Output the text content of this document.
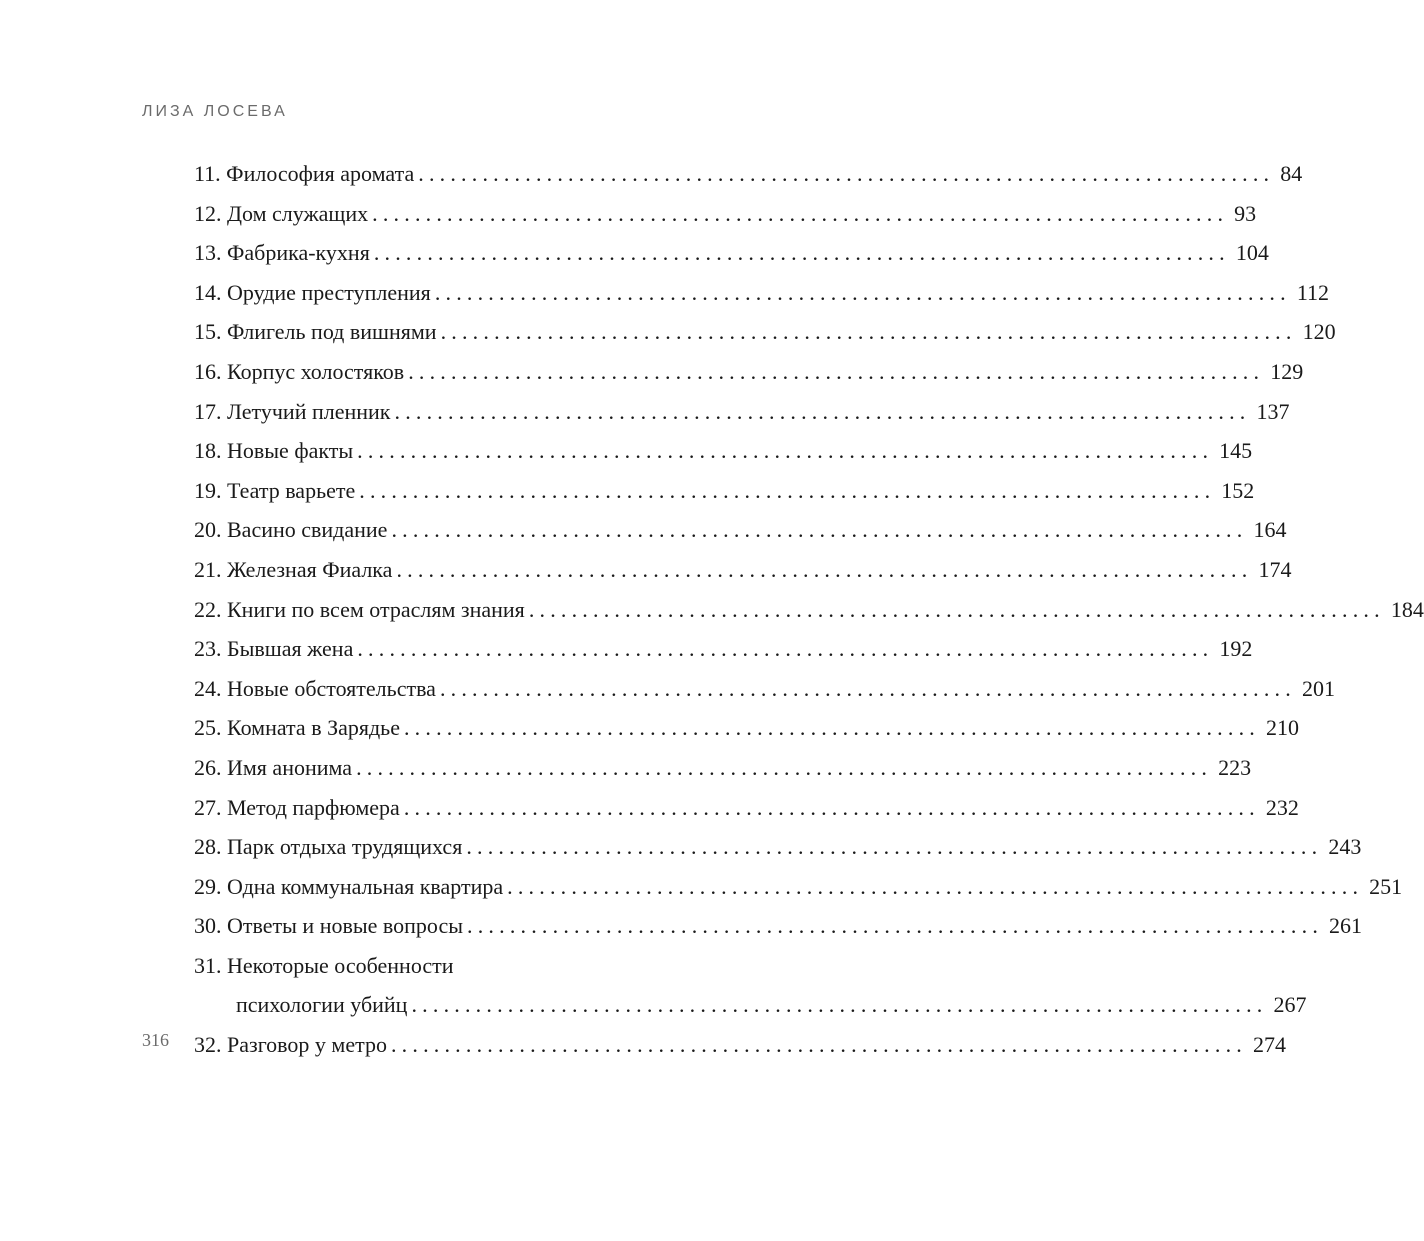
ЛИЗА ЛОСЕВА
11. Философия аромата ................................................................................ 84
12. Дом служащих ................................................................................ 93
13. Фабрика-кухня ................................................................................ 104
14. Орудие преступления ................................................................................ 112
15. Флигель под вишнями ................................................................................ 120
16. Корпус холостяков ................................................................................ 129
17. Летучий пленник ................................................................................ 137
18. Новые факты ................................................................................ 145
19. Театр варьете ................................................................................ 152
20. Васино свидание ................................................................................ 164
21. Железная Фиалка ................................................................................ 174
22. Книги по всем отраслям знания ................................................................................ 184
23. Бывшая жена ................................................................................ 192
24. Новые обстоятельства ................................................................................ 201
25. Комната в Зарядье ................................................................................ 210
26. Имя анонима ................................................................................ 223
27. Метод парфюмера ................................................................................ 232
28. Парк отдыха трудящихся ................................................................................ 243
29. Одна коммунальная квартира ................................................................................ 251
30. Ответы и новые вопросы ................................................................................ 261
31. Некоторые особенности
психологии убийц ................................................................................ 267
32. Разговор у метро ................................................................................ 274
316
